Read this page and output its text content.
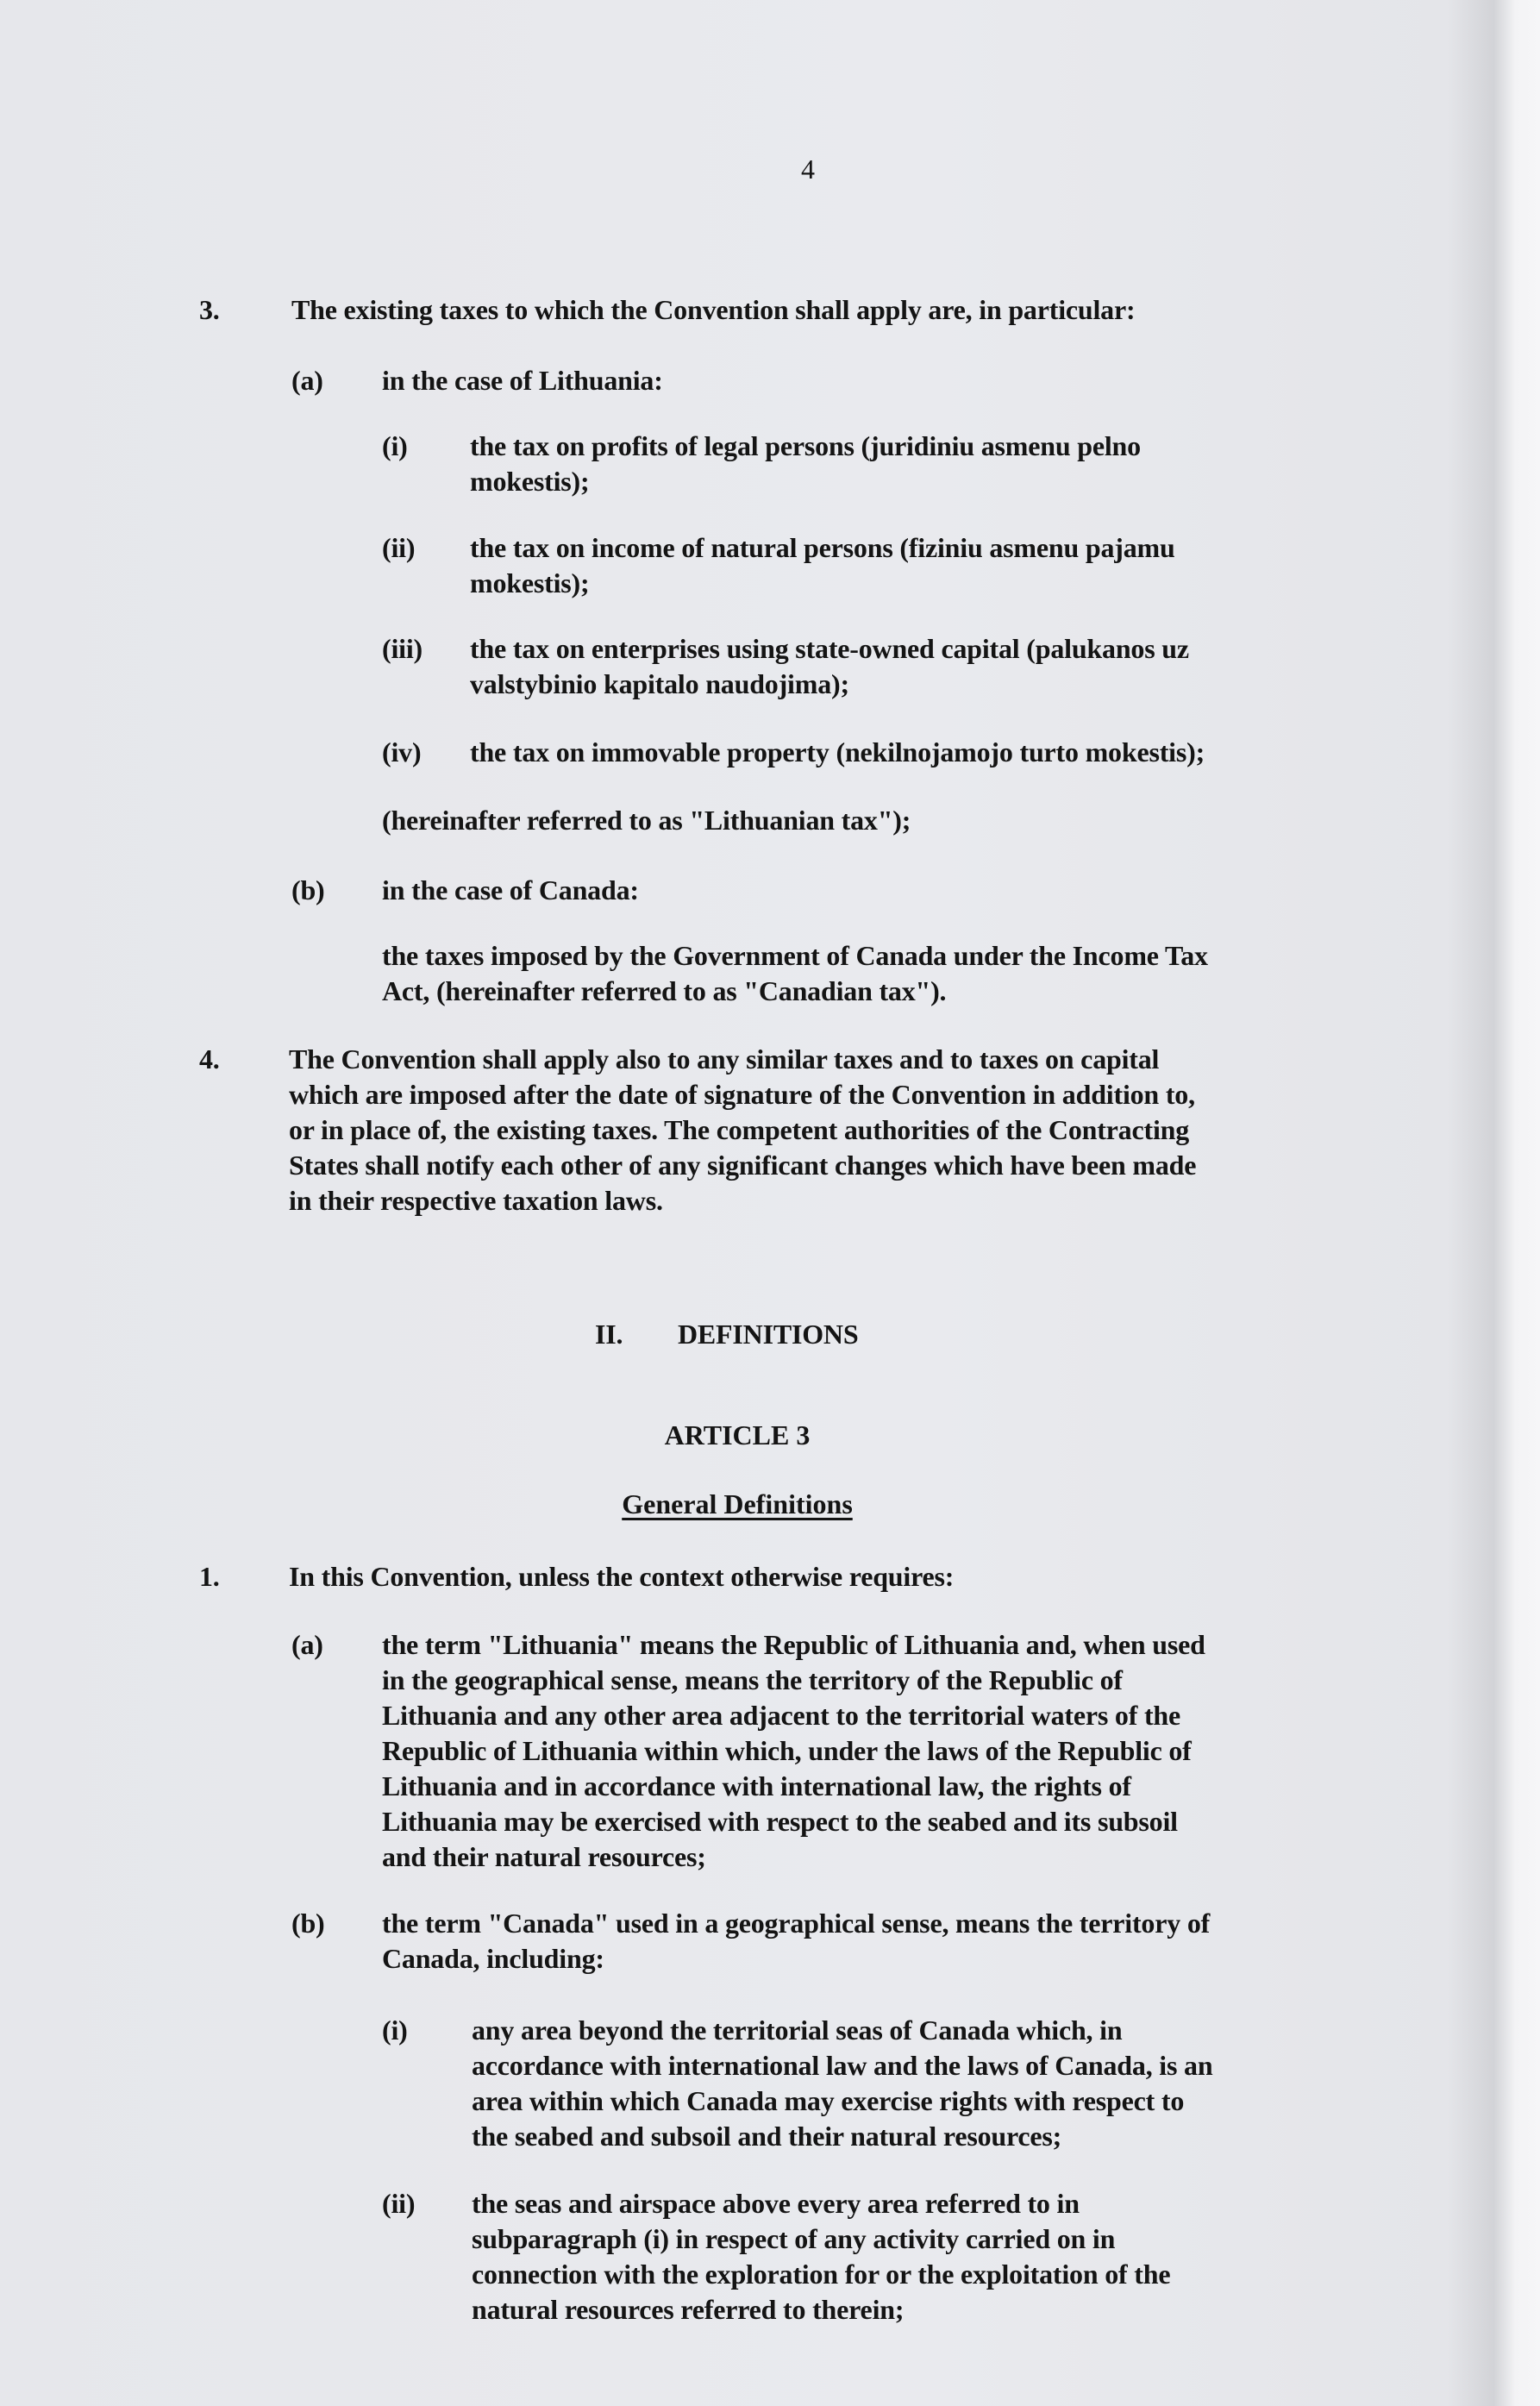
4
3.	The existing taxes to which the Convention shall apply are, in particular:
(a) in the case of Lithuania:
(i) the tax on profits of legal persons (juridiniu asmenu pelno
mokestis);
(ii) the tax on income of natural persons (fiziniu asmenu pajamu
mokestis);
(iii) the tax on enterprises using state-owned capital (palukanos uz
valstybinio kapitalo naudojima);
(iv) the tax on immovable property (nekilnojamojo turto mokestis);
(hereinafter referred to as "Lithuanian tax");
(b) in the case of Canada:
the taxes imposed by the Government of Canada under the Income Tax
Act, (hereinafter referred to as "Canadian tax").
4.	The Convention shall apply also to any similar taxes and to taxes on capital
which are imposed after the date of signature of the Convention in addition to,
or in place of, the existing taxes. The competent authorities of the Contracting
States shall notify each other of any significant changes which have been made
in their respective taxation laws.
II. DEFINITIONS
ARTICLE 3
General Definitions
1.	In this Convention, unless the context otherwise requires:
(a) the term "Lithuania" means the Republic of Lithuania and, when used
in the geographical sense, means the territory of the Republic of
Lithuania and any other area adjacent to the territorial waters of the
Republic of Lithuania within which, under the laws of the Republic of
Lithuania and in accordance with international law, the rights of
Lithuania may be exercised with respect to the seabed and its subsoil
and their natural resources;
(b) the term "Canada" used in a geographical sense, means the territory of
Canada, including:
(i) any area beyond the territorial seas of Canada which, in
accordance with international law and the laws of Canada, is an
area within which Canada may exercise rights with respect to
the seabed and subsoil and their natural resources;
(ii) the seas and airspace above every area referred to in
subparagraph (i) in respect of any activity carried on in
connection with the exploration for or the exploitation of the
natural resources referred to therein;
